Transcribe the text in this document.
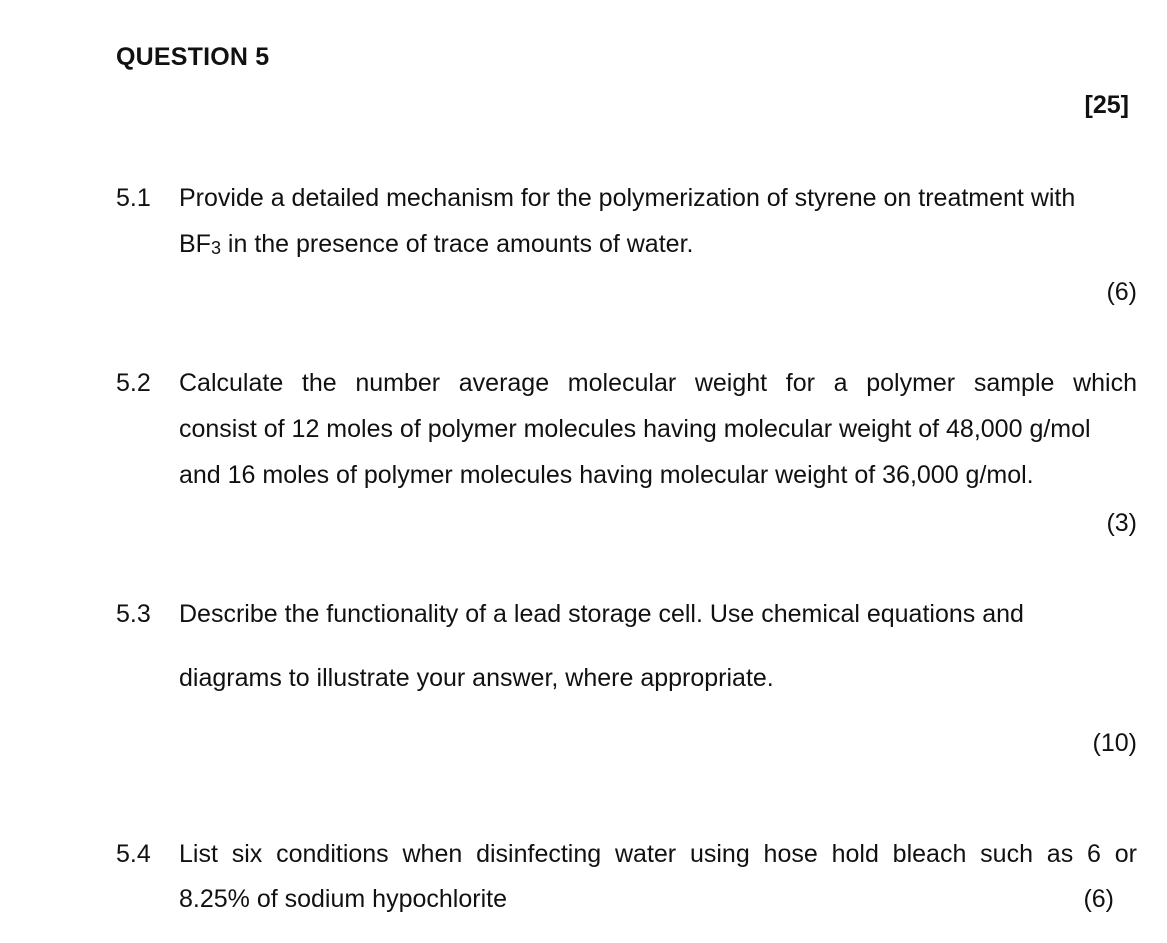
QUESTION 5
[25]
5.1 Provide a detailed mechanism for the polymerization of styrene on treatment with
$BF_3$ in the presence of trace amounts of water.
(6)
5.2 Calculate the number average molecular weight for a polymer sample which
consist of 12 moles of polymer molecules having molecular weight of 48,000 g/mol
and 16 moles of polymer molecules having molecular weight of 36,000 g/mol.
(3)
5.3 Describe the functionality of a lead storage cell. Use chemical equations and
diagrams to illustrate your answer, where appropriate.
(10)
5.4 List six conditions when disinfecting water using hose hold bleach such as 6 or
8.25% of sodium hypochlorite	(6)
